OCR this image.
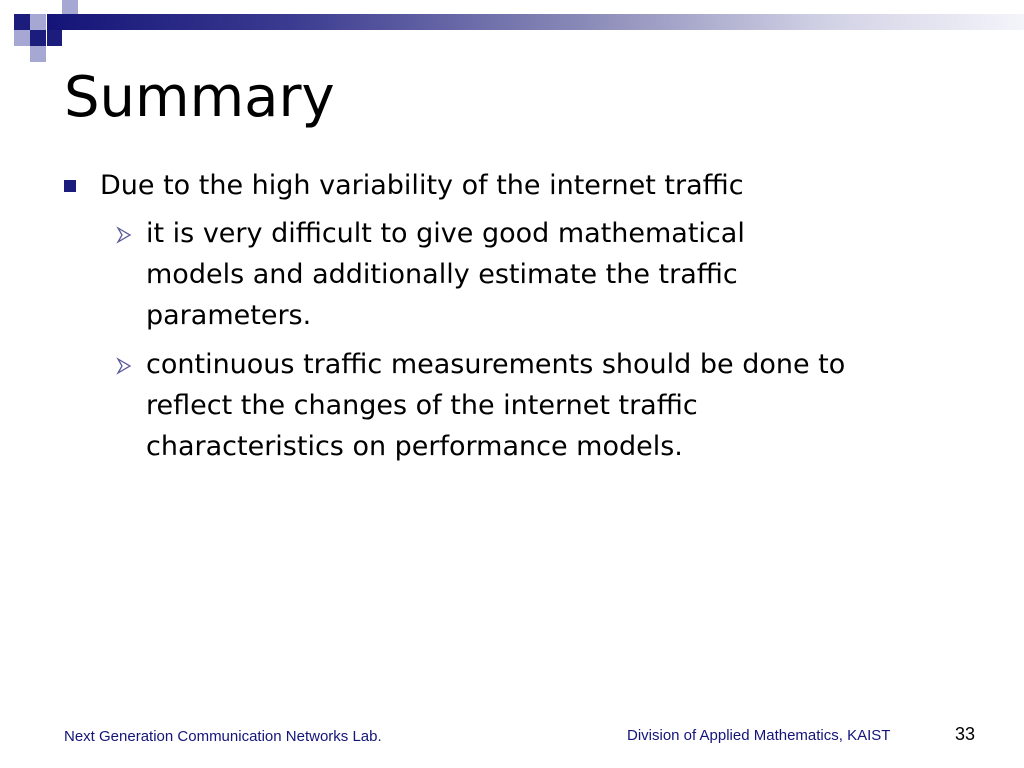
Summary
Due to the high variability of the internet traffic
it is very difficult to give good mathematical
models and additionally estimate the traffic
parameters.
continuous traffic measurements should be done to
reflect the changes of the internet traffic
characteristics on performance models.
Next Generation Communication Networks Lab.	Division of Applied Mathematics, KAIST	33
